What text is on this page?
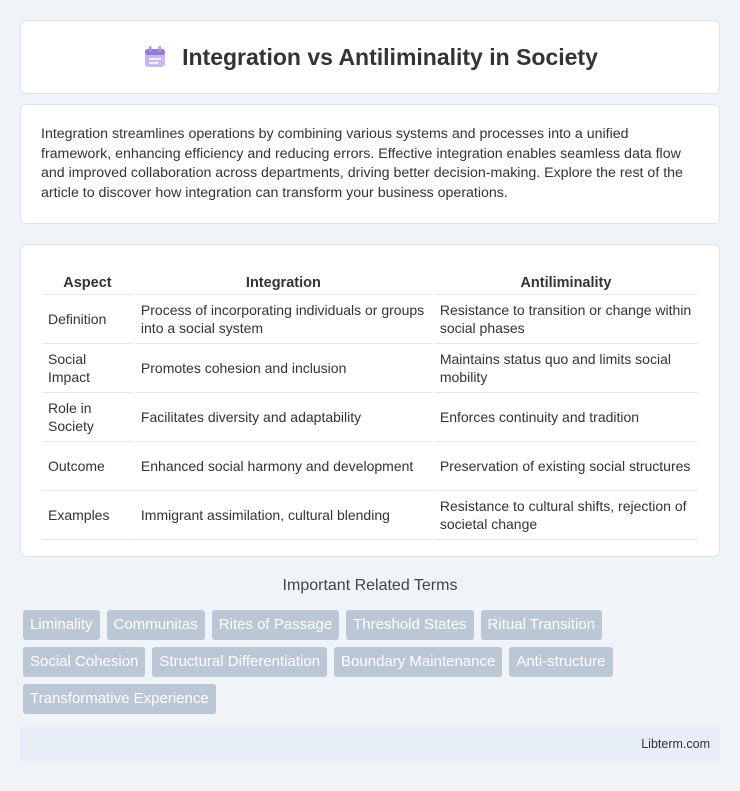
Integration vs Antiliminality in Society

Integration streamlines operations by combining various systems and processes into a unified framework, enhancing efficiency and reducing errors. Effective integration enables seamless data flow and improved collaboration across departments, driving better decision-making. Explore the rest of the article to discover how integration can transform your business operations.

Aspect	Integration	Antiliminality
Definition	Process of incorporating individuals or groups into a social system	Resistance to transition or change within social phases
Social Impact	Promotes cohesion and inclusion	Maintains status quo and limits social mobility
Role in Society	Facilitates diversity and adaptability	Enforces continuity and tradition
Outcome	Enhanced social harmony and development	Preservation of existing social structures
Examples	Immigrant assimilation, cultural blending	Resistance to cultural shifts, rejection of societal change
Important Related Terms
Liminality	Communitas	Rites of Passage	Threshold States	Ritual Transition
Social Cohesion	Structural Differentiation	Boundary Maintenance	Anti-structure
Transformative Experience
Libterm.com
